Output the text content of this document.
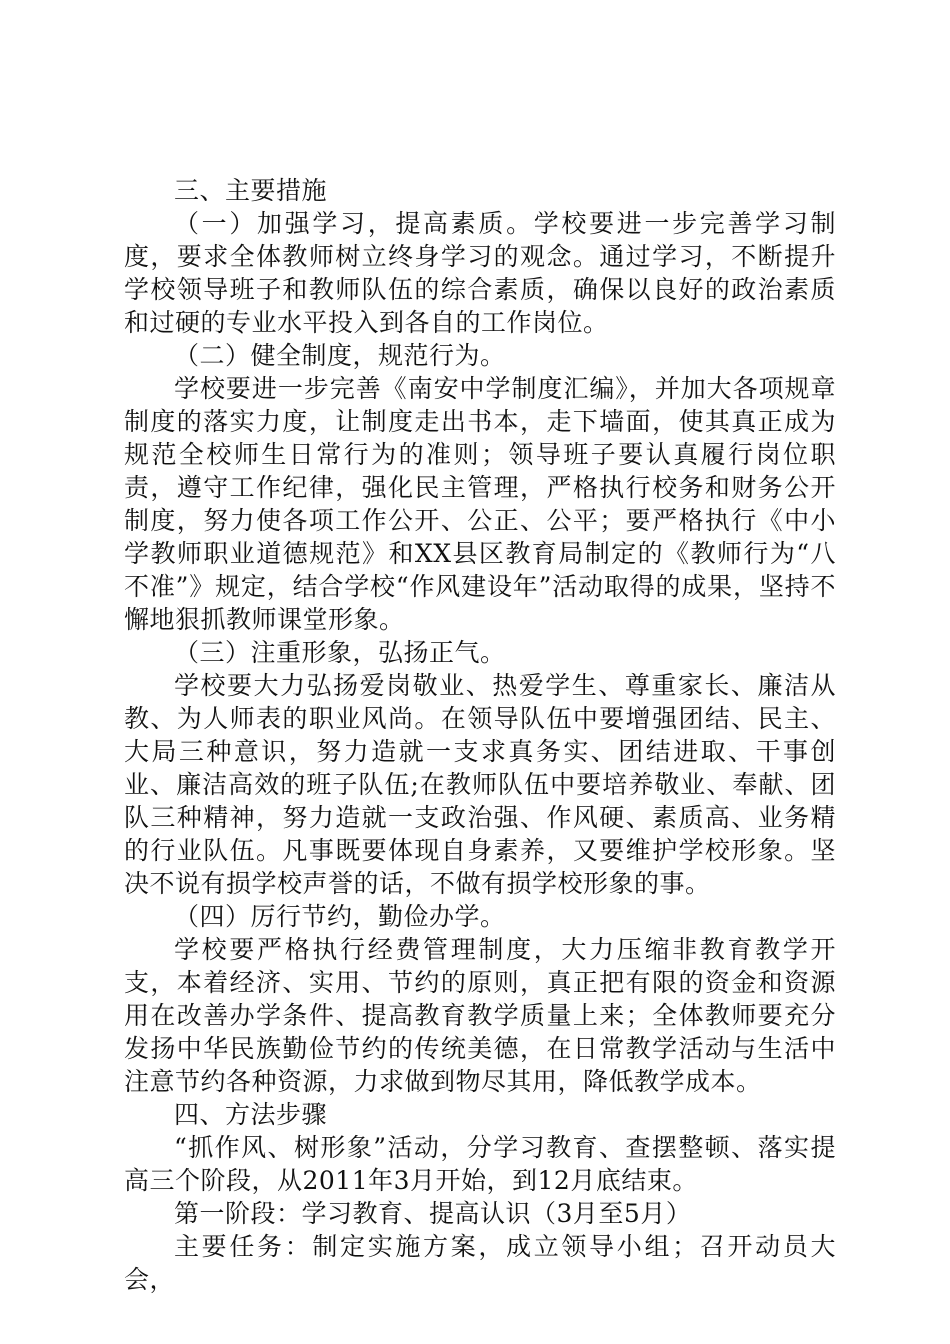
三、主要措施

（一）加强学习，提高素质。学校要进一步完善学习制度，要求全体教师树立终身学习的观念。通过学习，不断提升学校领导班子和教师队伍的综合素质，确保以良好的政治素质和过硬的专业水平投入到各自的工作岗位。

（二）健全制度，规范行为。

学校要进一步完善《南安中学制度汇编》，并加大各项规章制度的落实力度，让制度走出书本，走下墙面，使其真正成为规范全校师生日常行为的准则；领导班子要认真履行岗位职责，遵守工作纪律，强化民主管理，严格执行校务和财务公开制度，努力使各项工作公开、公正、公平；要严格执行《中小学教师职业道德规范》和XX县区教育局制定的《教师行为“八不准”》规定，结合学校“作风建设年”活动取得的成果，坚持不懈地狠抓教师课堂形象。

（三）注重形象，弘扬正气。

学校要大力弘扬爱岗敬业、热爱学生、尊重家长、廉洁从教、为人师表的职业风尚。在领导队伍中要增强团结、民主、大局三种意识，努力造就一支求真务实、团结进取、干事创业、廉洁高效的班子队伍;在教师队伍中要培养敬业、奉献、团队三种精神，努力造就一支政治强、作风硬、素质高、业务精的行业队伍。凡事既要体现自身素养，又要维护学校形象。坚决不说有损学校声誉的话，不做有损学校形象的事。

（四）厉行节约，勤俭办学。

学校要严格执行经费管理制度，大力压缩非教育教学开支，本着经济、实用、节约的原则，真正把有限的资金和资源用在改善办学条件、提高教育教学质量上来；全体教师要充分发扬中华民族勤俭节约的传统美德，在日常教学活动与生活中注意节约各种资源，力求做到物尽其用，降低教学成本。

四、方法步骤

“抓作风、树形象”活动，分学习教育、查摆整顿、落实提高三个阶段，从2011年3月开始，到12月底结束。

第一阶段：学习教育、提高认识（3月至5月）

主要任务：制定实施方案，成立领导小组；召开动员大会，
